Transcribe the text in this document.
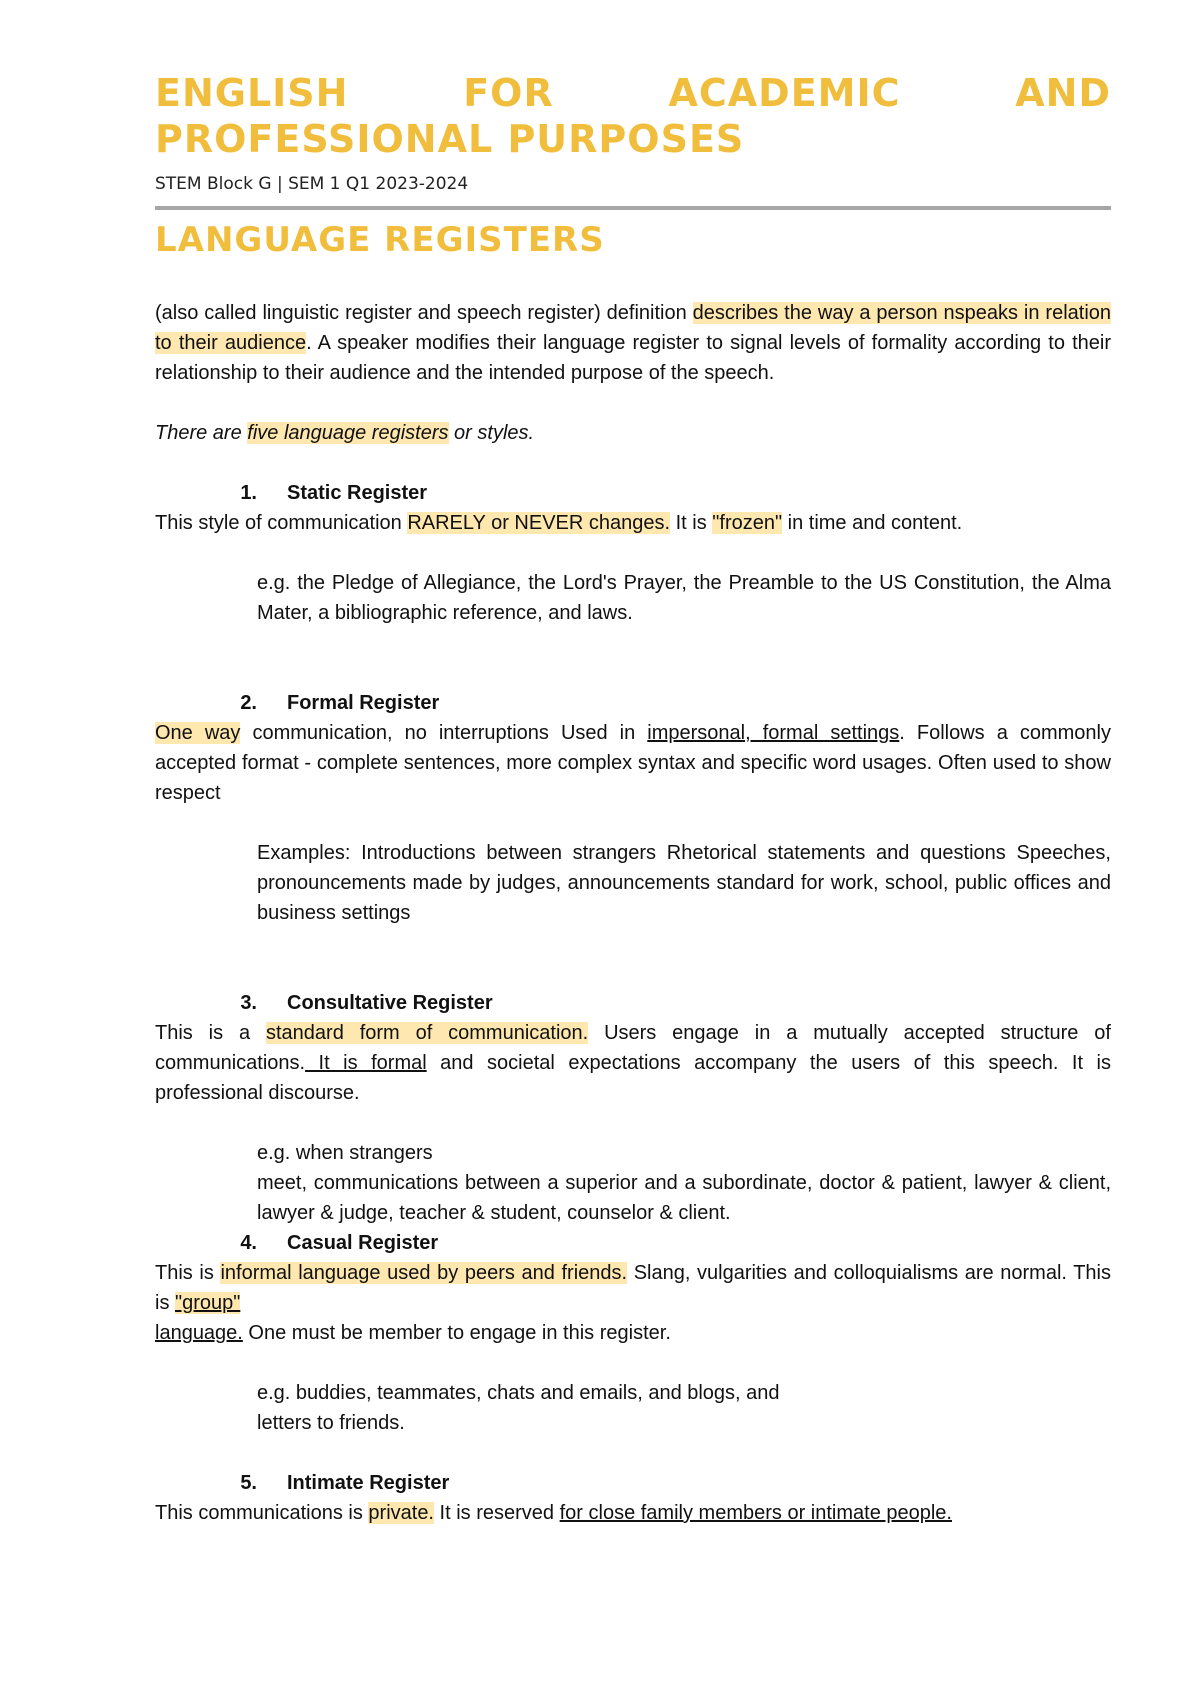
ENGLISH FOR ACADEMIC AND
PROFESSIONAL PURPOSES
STEM Block G | SEM 1 Q1 2023-2024
LANGUAGE REGISTERS

(also called linguistic register and speech register) definition describes the way a person nspeaks in relation to their audience. A speaker modifies their language register to signal levels of formality according to their relationship to their audience and the intended purpose of the speech.

There are five language registers or styles.

1. Static Register

This style of communication RARELY or NEVER changes. It is "frozen" in time and content.

e.g. the Pledge of Allegiance, the Lord's Prayer, the Preamble to the US Constitution, the Alma Mater, a bibliographic reference, and laws.

2. Formal Register

One way communication, no interruptions Used in impersonal, formal settings. Follows a commonly accepted format - complete sentences, more complex syntax and specific word usages. Often used to show respect

Examples: Introductions between strangers Rhetorical statements and questions Speeches, pronouncements made by judges, announcements standard for work, school, public offices and business settings

3. Consultative Register

This is a standard form of communication. Users engage in a mutually accepted structure of communications. It is formal and societal expectations accompany the users of this speech. It is professional discourse.

e.g. when strangers
meet, communications between a superior and a subordinate, doctor & patient, lawyer & client, lawyer & judge, teacher & student, counselor & client.
4. Casual Register

This is informal language used by peers and friends. Slang, vulgarities and colloquialisms are normal. This is "group"
language. One must be member to engage in this register.

e.g. buddies, teammates, chats and emails, and blogs, and
letters to friends.
5. Intimate Register

This communications is private. It is reserved for close family members or intimate people.
